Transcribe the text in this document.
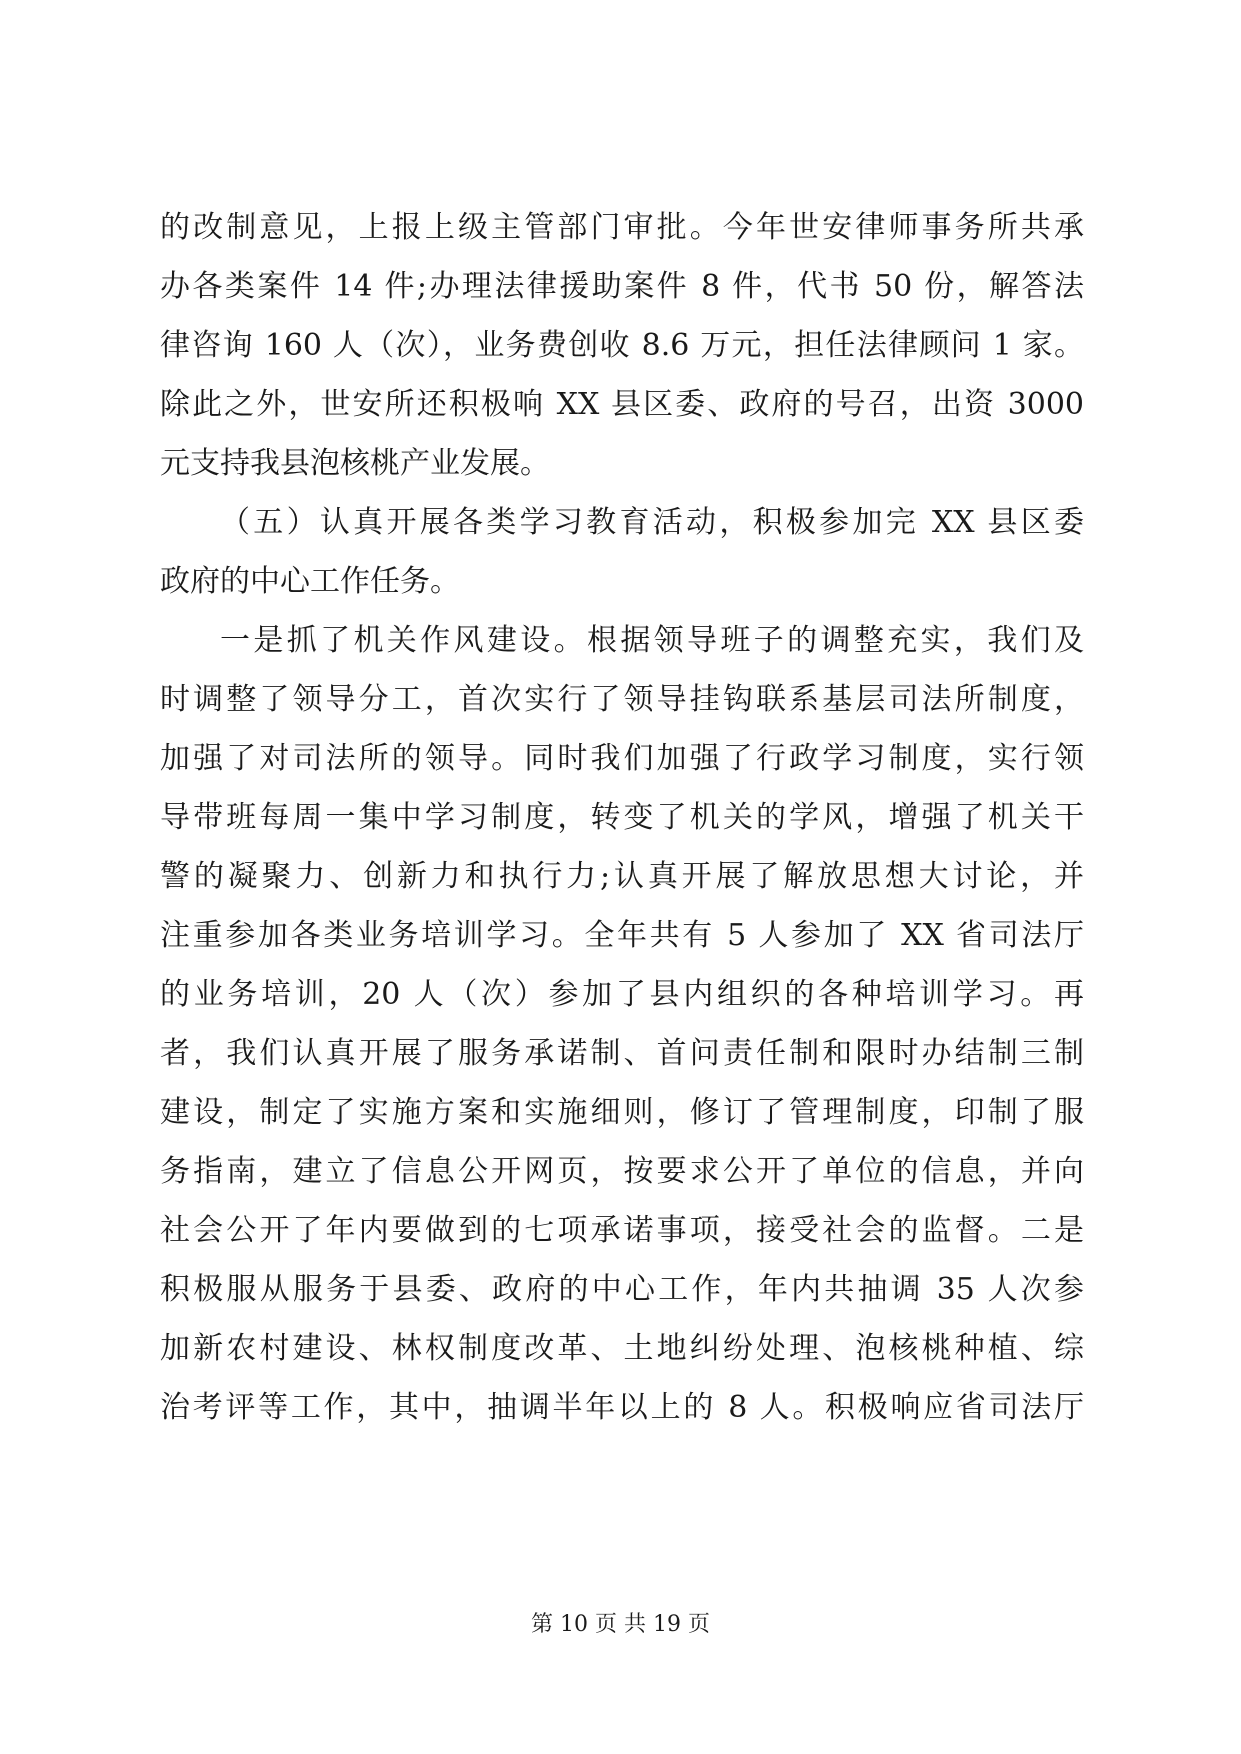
的改制意见，上报上级主管部门审批。今年世安律师事务所共承
办各类案件 14 件;办理法律援助案件 8 件，代书 50 份，解答法
律咨询 160 人（次），业务费创收 8.6 万元，担任法律顾问 1 家。
除此之外，世安所还积极响 XX 县区委、政府的号召，出资 3000
元支持我县泡核桃产业发展。
（五）认真开展各类学习教育活动，积极参加完 XX 县区委
政府的中心工作任务。
一是抓了机关作风建设。根据领导班子的调整充实，我们及
时调整了领导分工，首次实行了领导挂钩联系基层司法所制度，
加强了对司法所的领导。同时我们加强了行政学习制度，实行领
导带班每周一集中学习制度，转变了机关的学风，增强了机关干
警的凝聚力、创新力和执行力;认真开展了解放思想大讨论，并
注重参加各类业务培训学习。全年共有 5 人参加了 XX 省司法厅
的业务培训，20 人（次）参加了县内组织的各种培训学习。再
者，我们认真开展了服务承诺制、首问责任制和限时办结制三制
建设，制定了实施方案和实施细则，修订了管理制度，印制了服
务指南，建立了信息公开网页，按要求公开了单位的信息，并向
社会公开了年内要做到的七项承诺事项，接受社会的监督。二是
积极服从服务于县委、政府的中心工作，年内共抽调 35 人次参
加新农村建设、林权制度改革、土地纠纷处理、泡核桃种植、综
治考评等工作，其中，抽调半年以上的 8 人。积极响应省司法厅
第 10 页 共 19 页
